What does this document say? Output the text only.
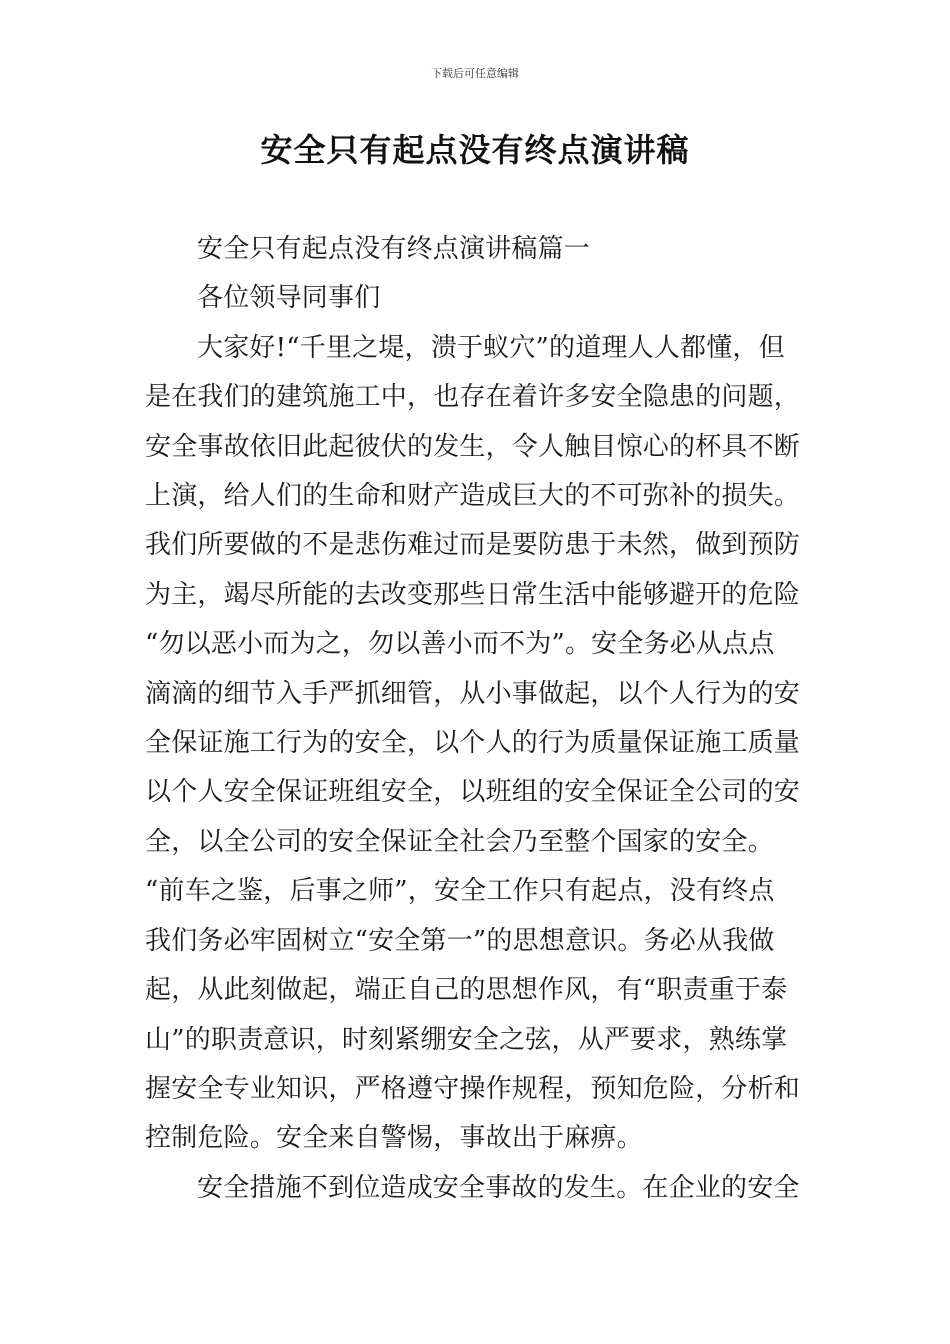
下载后可任意编辑
安全只有起点没有终点演讲稿

安全只有起点没有终点演讲稿篇一

各位领导同事们

大家好!“千里之堤，溃于蚁穴”的道理人人都懂，但

是在我们的建筑施工中，也存在着许多安全隐患的问题，

安全事故依旧此起彼伏的发生，令人触目惊心的杯具不断

上演，给人们的生命和财产造成巨大的不可弥补的损失。

我们所要做的不是悲伤难过而是要防患于未然，做到预防

为主，竭尽所能的去改变那些日常生活中能够避开的危险

“勿以恶小而为之，勿以善小而不为”。安全务必从点点

滴滴的细节入手严抓细管，从小事做起，以个人行为的安

全保证施工行为的安全，以个人的行为质量保证施工质量

以个人安全保证班组安全，以班组的安全保证全公司的安

全，以全公司的安全保证全社会乃至整个国家的安全。

“前车之鉴，后事之师”，安全工作只有起点，没有终点

我们务必牢固树立“安全第一”的思想意识。务必从我做

起，从此刻做起，端正自己的思想作风，有“职责重于泰

山”的职责意识，时刻紧绷安全之弦，从严要求，熟练掌

握安全专业知识，严格遵守操作规程，预知危险，分析和

控制危险。安全来自警惕，事故出于麻痹。

安全措施不到位造成安全事故的发生。在企业的安全
